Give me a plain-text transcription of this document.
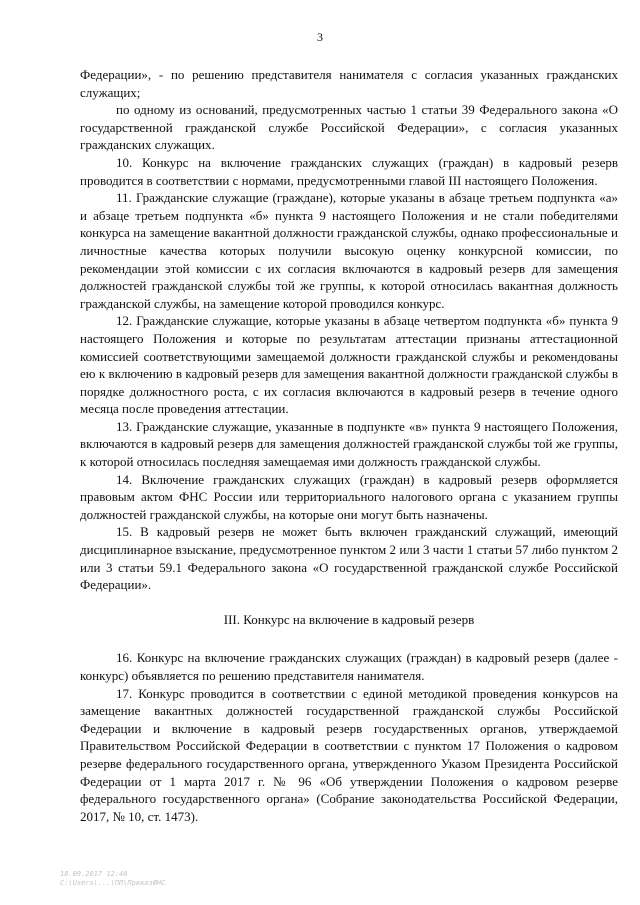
3

Федерации», - по решению представителя нанимателя с согласия указанных гражданских служащих;

по одному из оснований, предусмотренных частью 1 статьи 39 Федерального закона «О государственной гражданской службе Российской Федерации», с согласия указанных гражданских служащих.

10. Конкурс на включение гражданских служащих (граждан) в кадровый резерв проводится в соответствии с нормами, предусмотренными главой III настоящего Положения.

11. Гражданские служащие (граждане), которые указаны в абзаце третьем подпункта «а» и абзаце третьем подпункта «б» пункта 9 настоящего Положения и не стали победителями конкурса на замещение вакантной должности гражданской службы, однако профессиональные и личностные качества которых получили высокую оценку конкурсной комиссии, по рекомендации этой комиссии с их согласия включаются в кадровый резерв для замещения должностей гражданской службы той же группы, к которой относилась вакантная должность гражданской службы, на замещение которой проводился конкурс.

12. Гражданские служащие, которые указаны в абзаце четвертом подпункта «б» пункта 9 настоящего Положения и которые по результатам аттестации признаны аттестационной комиссией соответствующими замещаемой должности гражданской службы и рекомендованы ею к включению в кадровый резерв для замещения вакантной должности гражданской службы в порядке должностного роста, с их согласия включаются в кадровый резерв в течение одного месяца после проведения аттестации.

13. Гражданские служащие, указанные в подпункте «в» пункта 9 настоящего Положения, включаются в кадровый резерв для замещения должностей гражданской службы той же группы, к которой относилась последняя замещаемая ими должность гражданской службы.

14. Включение гражданских служащих (граждан) в кадровый резерв оформляется правовым актом ФНС России или территориального налогового органа с указанием группы должностей гражданской службы, на которые они могут быть назначены.

15. В кадровый резерв не может быть включен гражданский служащий, имеющий дисциплинарное взыскание, предусмотренное пунктом 2 или 3 части 1 статьи 57 либо пунктом 2 или 3 статьи 59.1 Федерального закона «О государственной гражданской службе Российской Федерации».

III. Конкурс на включение в кадровый резерв

16. Конкурс на включение гражданских служащих (граждан) в кадровый резерв (далее - конкурс) объявляется по решению представителя нанимателя.

17. Конкурс проводится в соответствии с единой методикой проведения конкурсов на замещение вакантных должностей государственной гражданской службы Российской Федерации и включение в кадровый резерв государственных органов, утверждаемой Правительством Российской Федерации в соответствии с пунктом 17 Положения о кадровом резерве федерального государственного органа, утвержденного Указом Президента Российской Федерации от 1 марта 2017 г. № 96 «Об утверждении Положения о кадровом резерве федерального государственного органа» (Собрание законодательства Российской Федерации, 2017, № 10, ст. 1473).

18.09.2017 12:40
С:\Users\...\ПП\ПриказФНС
